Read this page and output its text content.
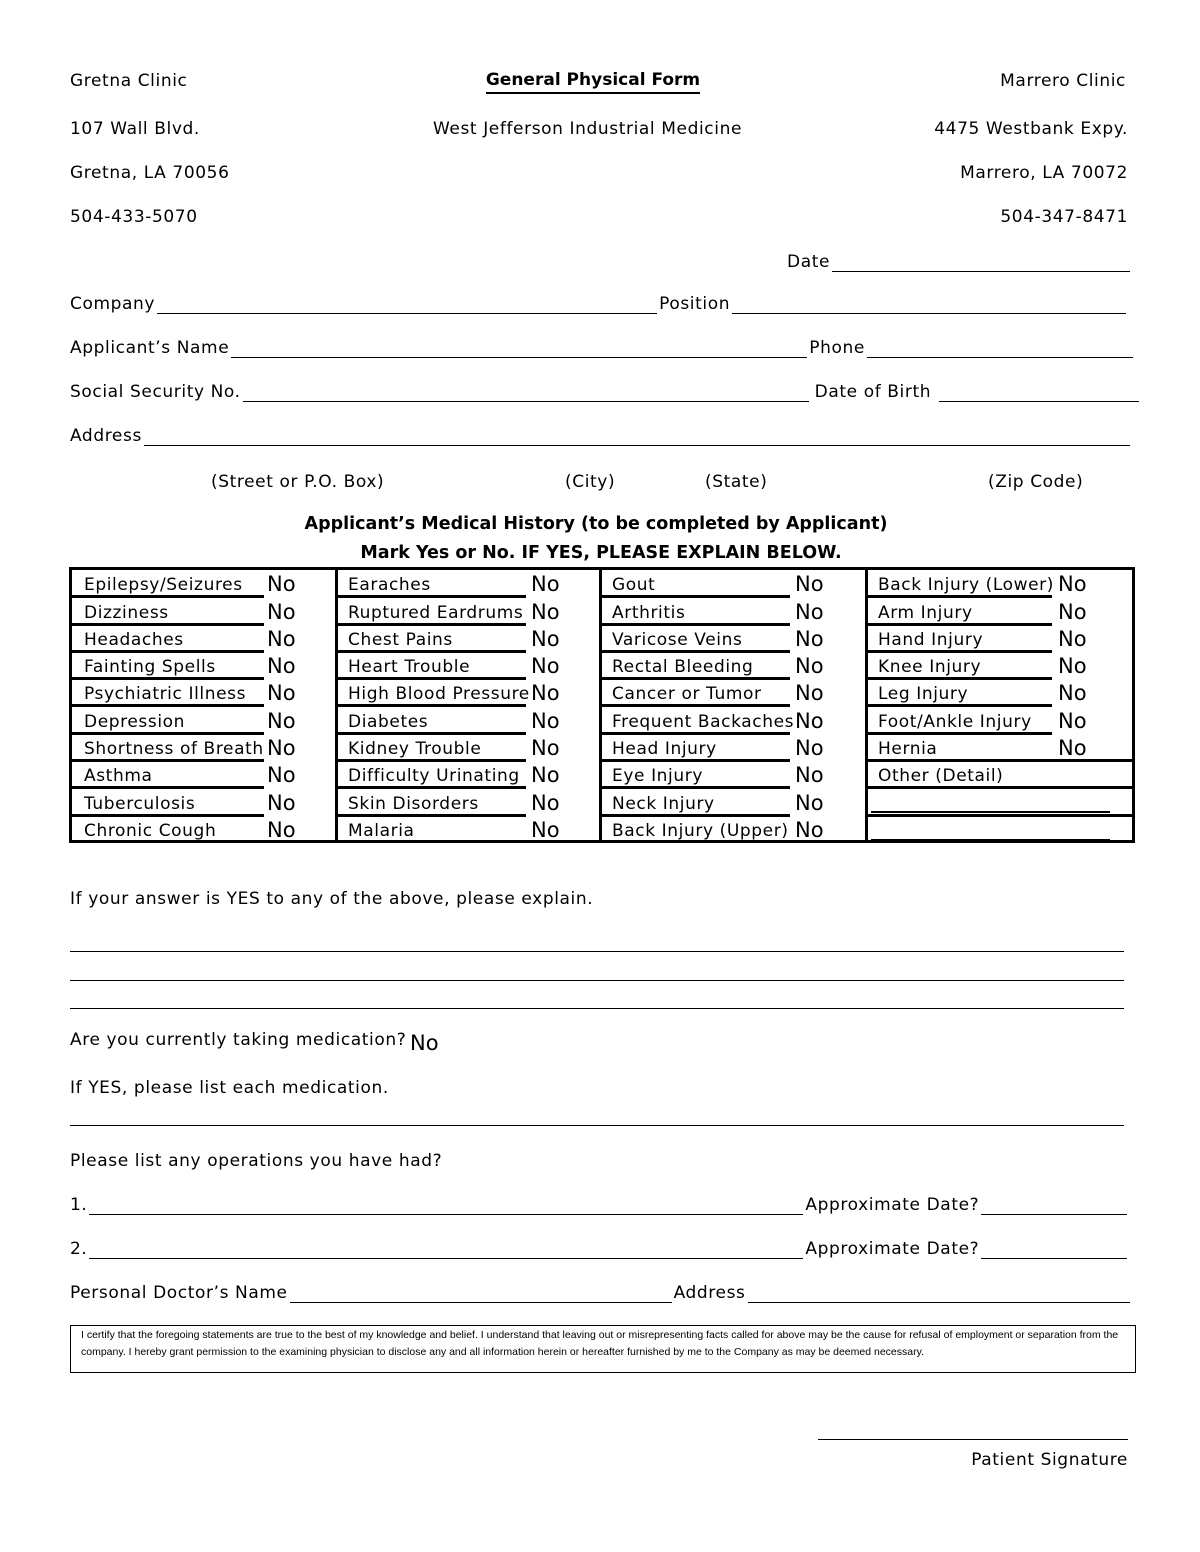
Gretna Clinic
107 Wall Blvd.
Gretna, LA 70056
504-433-5070
General Physical Form
West Jefferson Industrial Medicine
Marrero Clinic
4475 Westbank Expy.
Marrero, LA 70072
504-347-8471
Date
Company	Position
Applicant’s Name	Phone
Social Security No.	Date of Birth
Address
(Street or P.O. Box)	(City)	(State)	(Zip Code)
Applicant’s Medical History (to be completed by Applicant)
Mark Yes or No. IF YES, PLEASE EXPLAIN BELOW.
Epilepsy/Seizures No
Dizziness	No
Headaches	No
Fainting Spells No
Psychiatric Illness No
Depression	No
Shortness of Breath No
Asthma	No
Tuberculosis	No
Chronic Cough No
Earaches	No
Ruptured Eardrums No
Chest Pains	No
Heart Trouble	No
High Blood Pressure No
Diabetes	No
Kidney Trouble No
Difficulty Urinating No
Skin Disorders No
Malaria	No
Gout	No
Arthritis	No
Varicose Veins	No
Rectal Bleeding No
Cancer or Tumor No
Frequent Backaches No
Head Injury	No
Eye Injury	No
Neck Injury	No
Back Injury (Upper) No
Back Injury (Lower) No
Arm Injury	No
Hand Injury	No
Knee Injury	No
Leg Injury	No
Foot/Ankle Injury No
Hernia	No
Other (Detail)
If your answer is YES to any of the above, please explain.
Are you currently taking medication? No
If YES, please list each medication.
Please list any operations you have had?
1.	Approximate Date?
2.	Approximate Date?
Personal Doctor’s Name	Address
I certify that the foregoing statements are true to the best of my knowledge and belief. I understand that leaving out or misrepresenting facts called for above may be the cause for refusal of employment or separation from the company. I hereby grant permission to the examining physician to disclose any and all information herein or hereafter furnished by me to the Company as may be deemed necessary.
Patient Signature
